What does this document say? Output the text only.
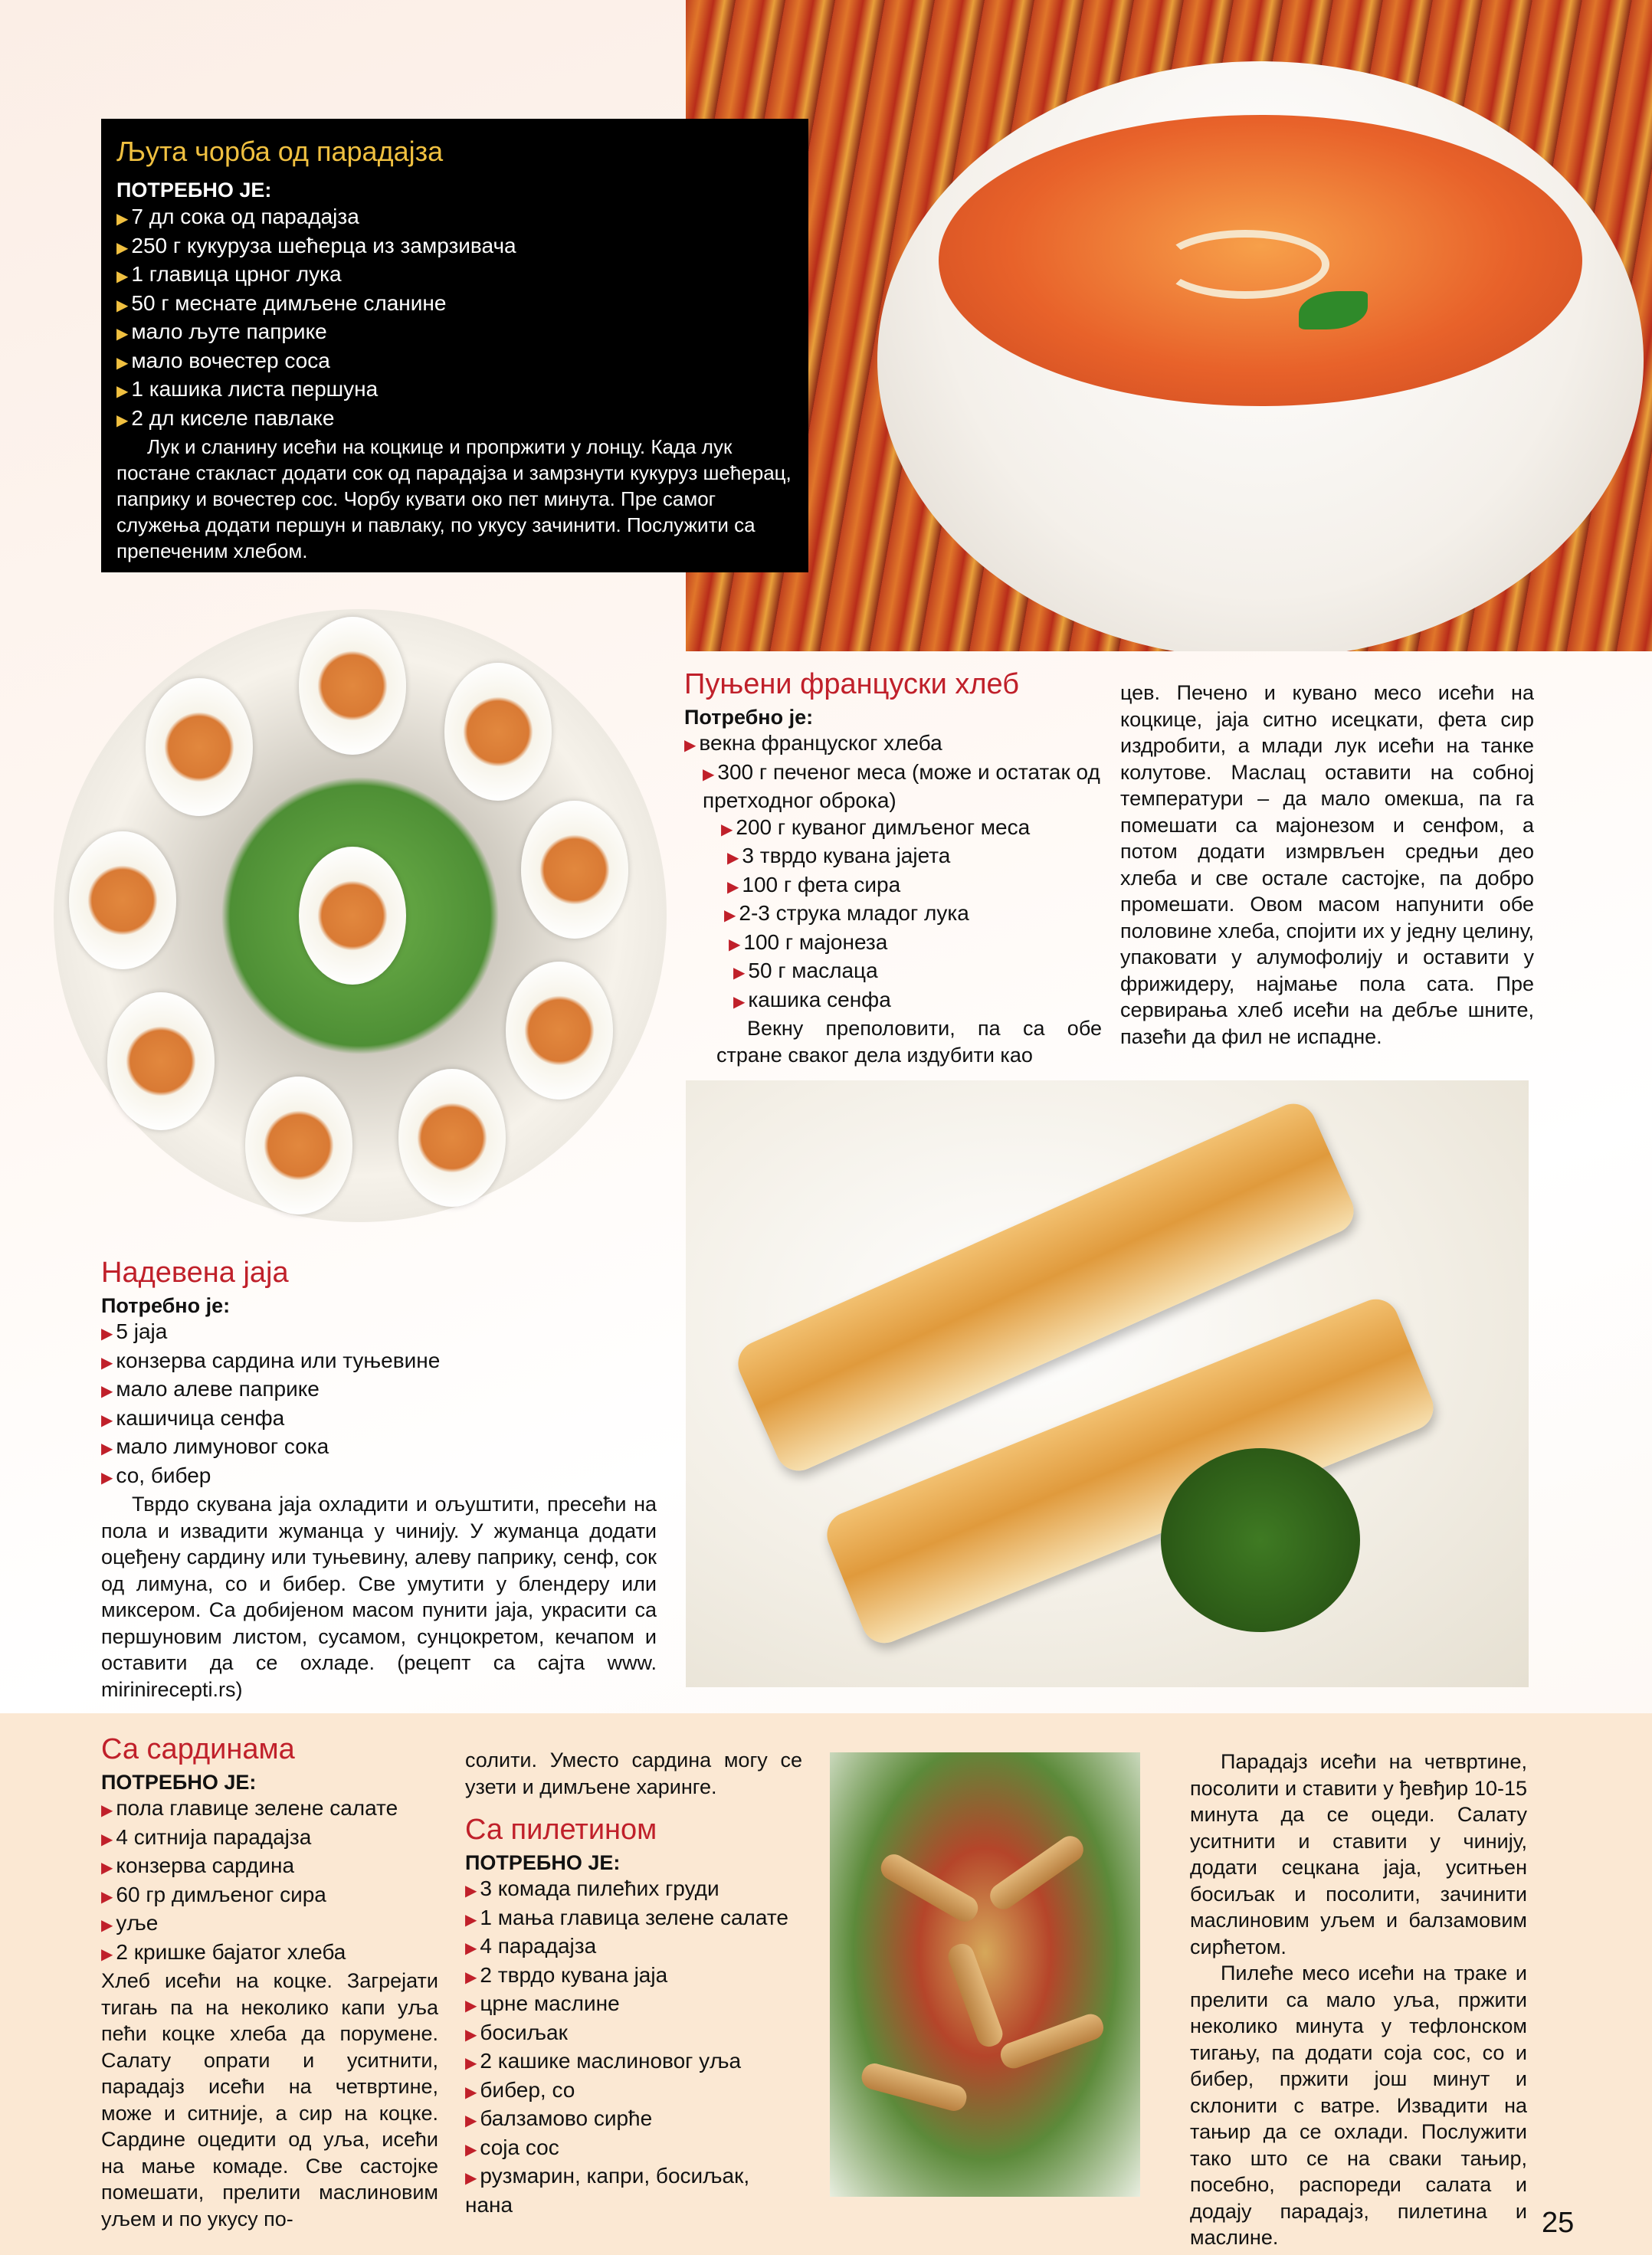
Љута чорба од парадајза
ПОТРЕБНО ЈЕ:
▶ 7 дл сока од парадајза
▶ 250 г кукуруза шећерца из замрзивача
▶ 1 главица црног лука
▶ 50 г меснате димљене сланине
▶ мало љуте паприке
▶ мало вочестер соса
▶ 1 кашика листа першуна
▶ 2 дл киселе павлаке

Лук и сланину исећи на коцкице и пропржити у лонцу. Када лук постане стакласт додати сок од парадајза и замрзнути кукуруз шећерац, паприку и вочестер сос. Чорбу кувати око пет минута. Пре самог служења додати першун и павлаку, по укусу зачинити. Послужити са препеченим хлебом.

Пуњени француски хлеб
Потребно је:
▶ векна француског хлеба
▶ 300 г печеног меса (може и остатак од претходног оброка)
▶ 200 г куваног димљеног меса
▶ 3 тврдо кувана јајета
▶ 100 г фета сира
▶ 2-3 струка младог лука
▶ 100 г мајонеза
▶ 50 г маслаца
▶ кашика сенфа

Векну преполовити, па са обе стране сваког дела издубити као

цев. Печено и кувано месо исећи на коцкице, јаја ситно исецкати, фета сир издробити, а млади лук исећи на танке колутове. Маслац оставити на собној температури – да мало омекша, па га помешати са мајонезом и сенфом, а потом додати измрвљен средњи део хлеба и све остале састојке, па добро промешати. Овом масом напунити обе половине хлеба, спојити их у једну целину, упаковати у алумофолију и оставити у фрижидеру, најмање пола сата. Пре сервирања хлеб исећи на дебље шните, пазећи да фил не испадне.

Надевена јаја
Потребно је:
▶ 5 јаја
▶ конзерва сардина или туњевине
▶ мало алеве паприке
▶ кашичица сенфа
▶ мало лимуновог сока
▶ со, бибер

Тврдо скувана јаја охладити и ољуштити, пресећи на пола и извадити жуманца у чинију. У жуманца додати оцеђену сардину или туњевину, алеву паприку, сенф, сок од лимуна, со и бибер. Све умутити у блендеру или миксером. Са добијеном масом пунити јаја, украсити са першуновим листом, сусамом, сунцокретом, кечапом и оставити да се охладе. (рецепт са сајта www. mirinirecepti.rs)

Са сардинама
ПОТРЕБНО ЈЕ:
▶ пола главице зелене салате
▶ 4 ситнија парадајза
▶ конзерва сардина
▶ 60 гр димљеног сира
▶ уље
▶ 2 кришке бајатог хлеба

Хлеб исећи на коцке. Загрејати тигањ па на неколико капи уља пећи коцке хлеба да порумене. Салату опрати и уситнити, парадајз исећи на четвртине, може и ситније, а сир на коцке. Сардине оцедити од уља, исећи на мање комаде. Све састојке помешати, прелити маслиновим уљем и по укусу по-

солити. Уместо сардина могу се узети и димљене харинге.

Са пилетином
ПОТРЕБНО ЈЕ:
▶ 3 комада пилећих груди
▶ 1 мања главица зелене салате
▶ 4 парадајза
▶ 2 тврдо кувана јаја
▶ црне маслине
▶ босиљак
▶ 2 кашике маслиновог уља
▶ бибер, со
▶ балзамово сирће
▶ соја сос
▶ рузмарин, капри, босиљак, нана

Парадајз исећи на четвртине, посолити и ставити у ђевђир 10-15 минута да се оцеди. Салату уситнити и ставити у чинију, додати сецкана јаја, уситњен босиљак и посолити, зачинити маслиновим уљем и балзамовим сирћетом.

Пилеће месо исећи на траке и прелити са мало уља, пржити неколико минута у тефлонском тигању, па додати соја сос, со и бибер, пржити још минут и склонити с ватре. Извадити на тањир да се охлади. Послужити тако што се на сваки тањир, посебно, распореди салата и додају парадајз, пилетина и маслине.	25
